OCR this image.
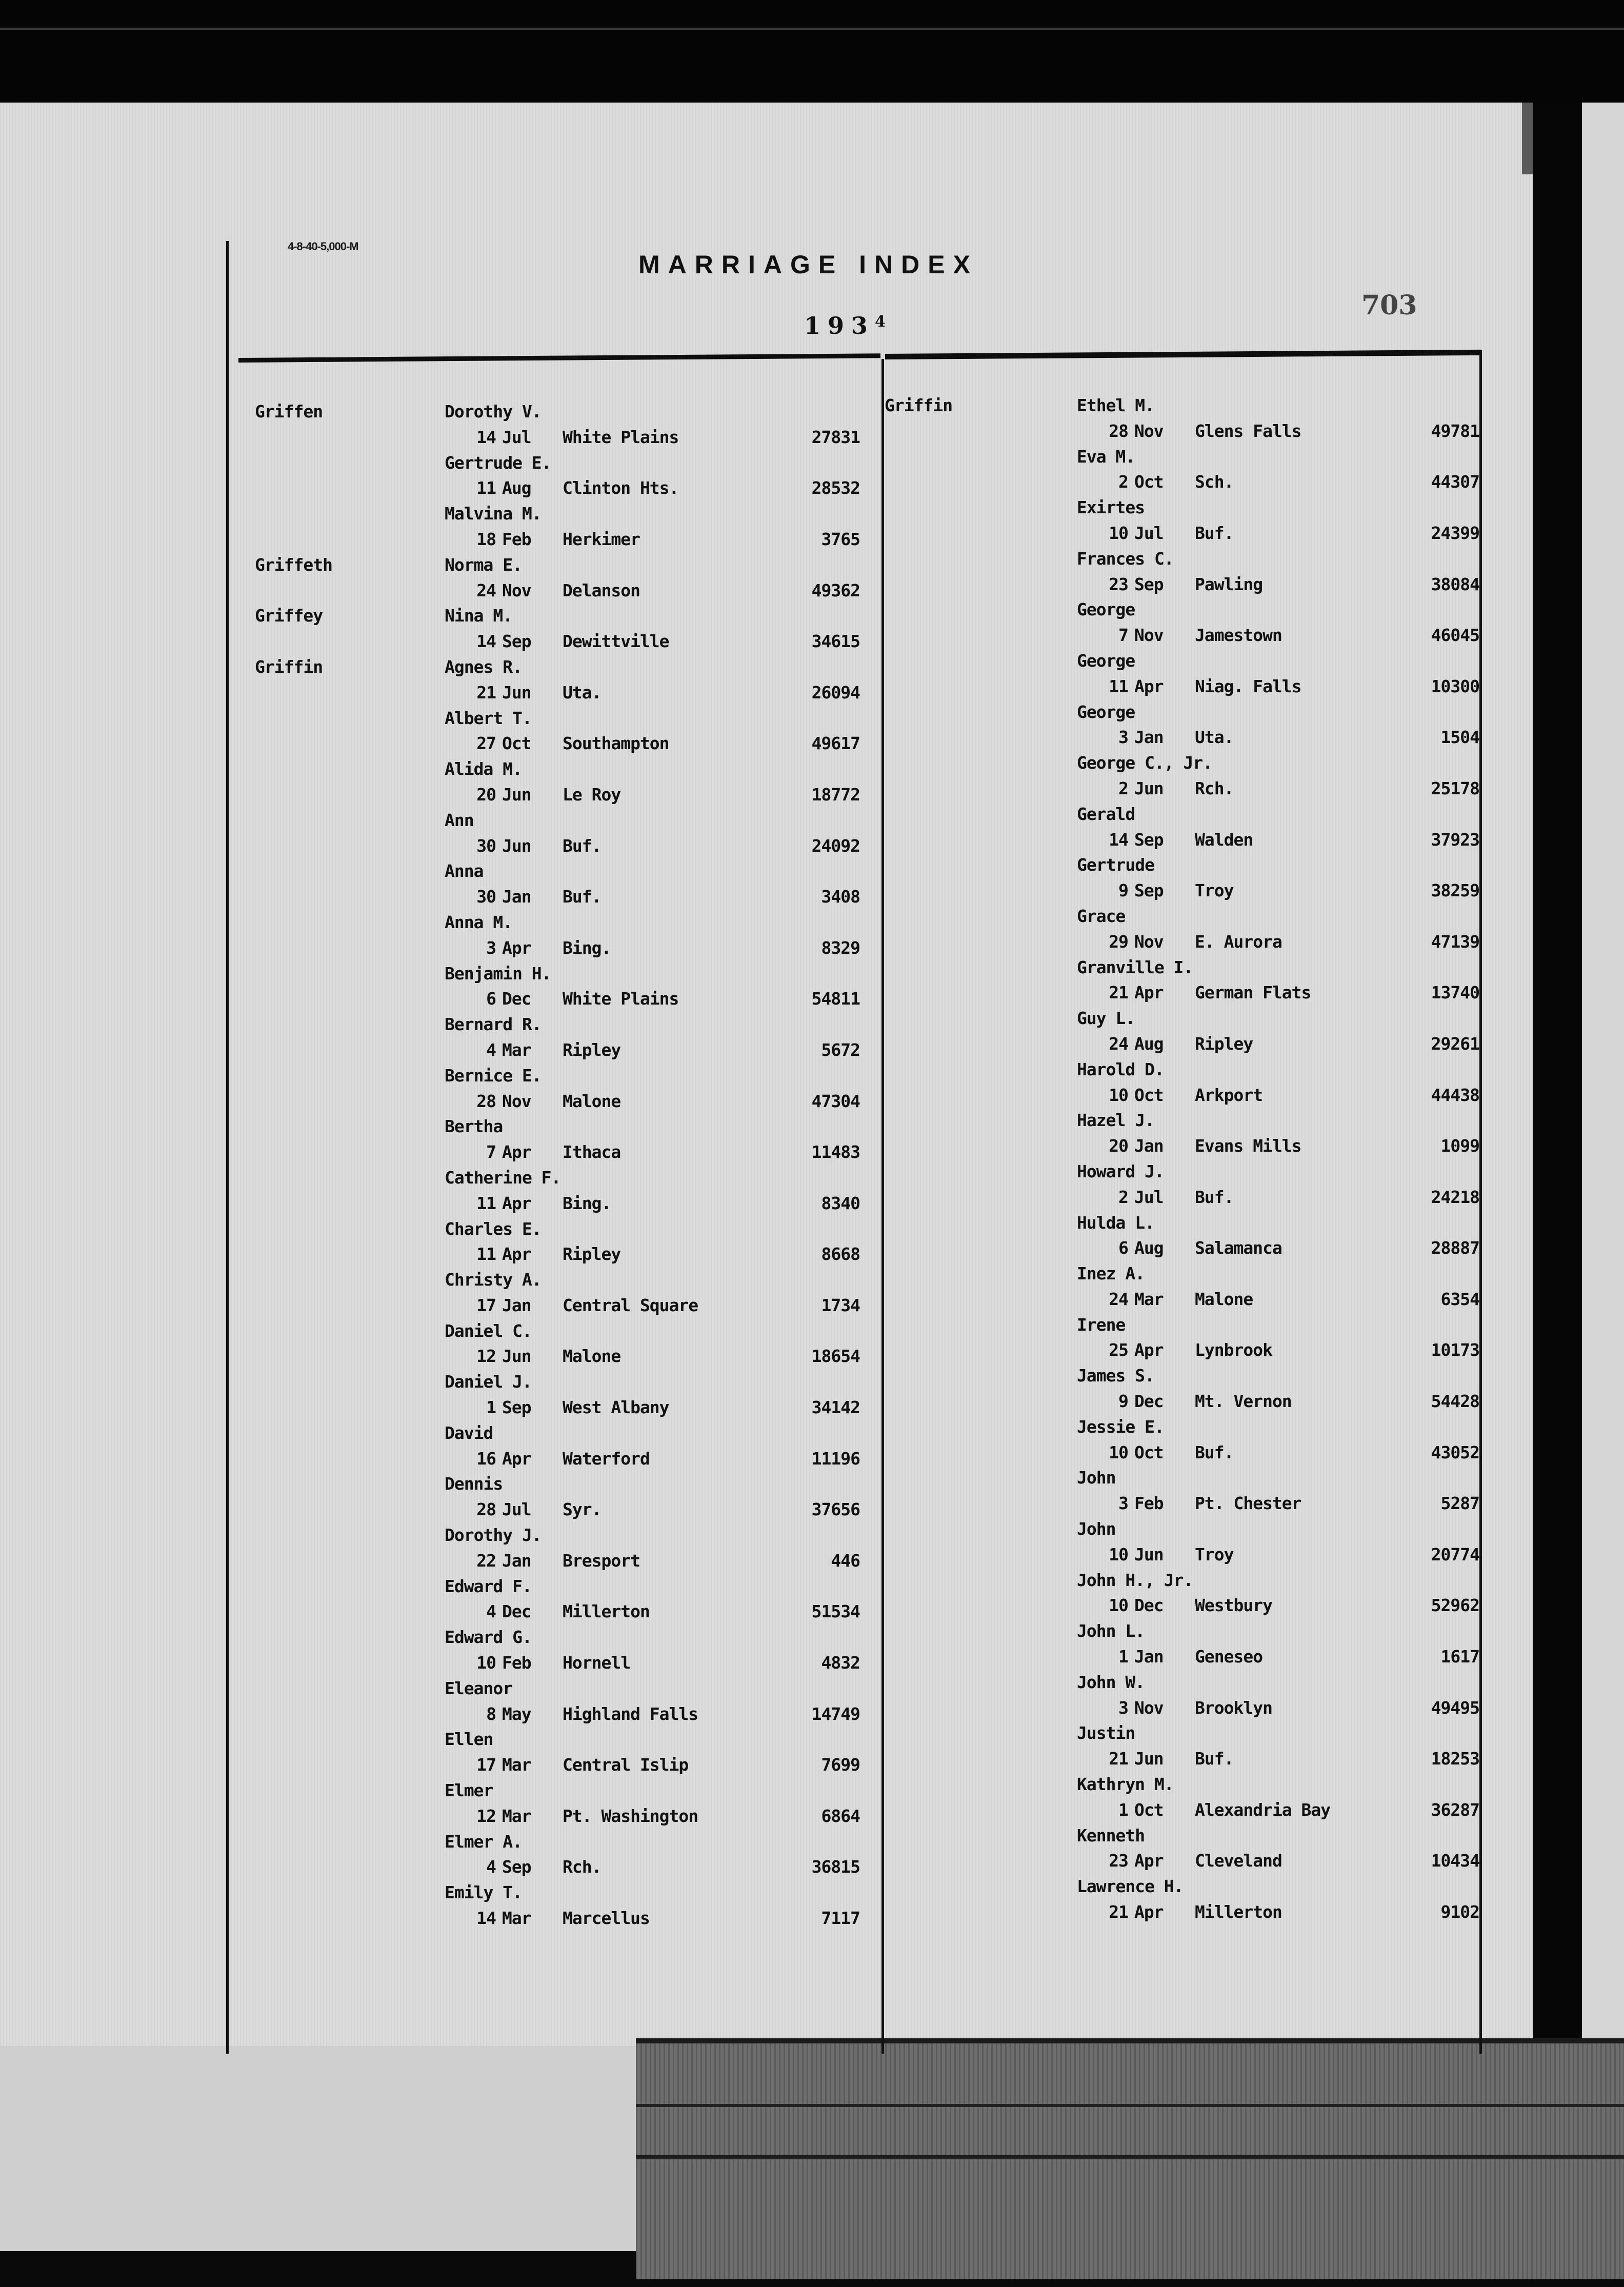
4-8-40-5,000-M
MARRIAGE INDEX
$193^4$
703
Griffen	Dorothy V.
14 Jul White Plains	27831
Gertrude E.
11 Aug Clinton Hts.	28532
Malvina M.
18 Feb Herkimer	3765
Griffeth	Norma E.
24 Nov Delanson	49362
Griffey	Nina M.
14 Sep Dewittville	34615
Griffin	Agnes R.
21 Jun Uta.	26094
Albert T.
27 Oct Southampton	49617
Alida M.
20 Jun Le Roy	18772
Ann
30 Jun Buf.	24092
Anna
30 Jan Buf.	3408
Anna M.
3 Apr Bing.	8329
Benjamin H.
6 Dec White Plains	54811
Bernard R.
4 Mar Ripley	5672
Bernice E.
28 Nov Malone	47304
Bertha
7 Apr Ithaca	11483
Catherine F.
11 Apr Bing.	8340
Charles E.
11 Apr Ripley	8668
Christy A.
17 Jan Central Square	1734
Daniel C.
12 Jun Malone	18654
Daniel J.
1 Sep West Albany	34142
David
16 Apr Waterford	11196
Dennis
28 Jul Syr.	37656
Dorothy J.
22 Jan Bresport	446
Edward F.
4 Dec Millerton	51534
Edward G.
10 Feb Hornell	4832
Eleanor
8 May Highland Falls	14749
Ellen
17 Mar Central Islip	7699
Elmer
12 Mar Pt. Washington	6864
Elmer A.
4 Sep Rch.	36815
Emily T.
14 Mar Marcellus	7117
Griffin	Ethel M.
28 Nov Glens Falls	49781
Eva M.
2 Oct Sch.	44307
Exirtes
10 Jul Buf.	24399
Frances C.
23 Sep Pawling	38084
George
7 Nov Jamestown	46045
George
11 Apr Niag. Falls	10300
George
3 Jan Uta.	1504
George C., Jr.
2 Jun Rch.	25178
Gerald
14 Sep Walden	37923
Gertrude
9 Sep Troy	38259
Grace
29 Nov E. Aurora	47139
Granville I.
21 Apr German Flats	13740
Guy L.
24 Aug Ripley	29261
Harold D.
10 Oct Arkport	44438
Hazel J.
20 Jan Evans Mills	1099
Howard J.
2 Jul Buf.	24218
Hulda L.
6 Aug Salamanca	28887
Inez A.
24 Mar Malone	6354
Irene
25 Apr Lynbrook	10173
James S.
9 Dec Mt. Vernon	54428
Jessie E.
10 Oct Buf.	43052
John
3 Feb Pt. Chester	5287
John
10 Jun Troy	20774
John H., Jr.
10 Dec Westbury	52962
John L.
1 Jan Geneseo	1617
John W.
3 Nov Brooklyn	49495
Justin
21 Jun Buf.	18253
Kathryn M.
1 Oct Alexandria Bay	36287
Kenneth
23 Apr Cleveland	10434
Lawrence H.
21 Apr Millerton	9102
